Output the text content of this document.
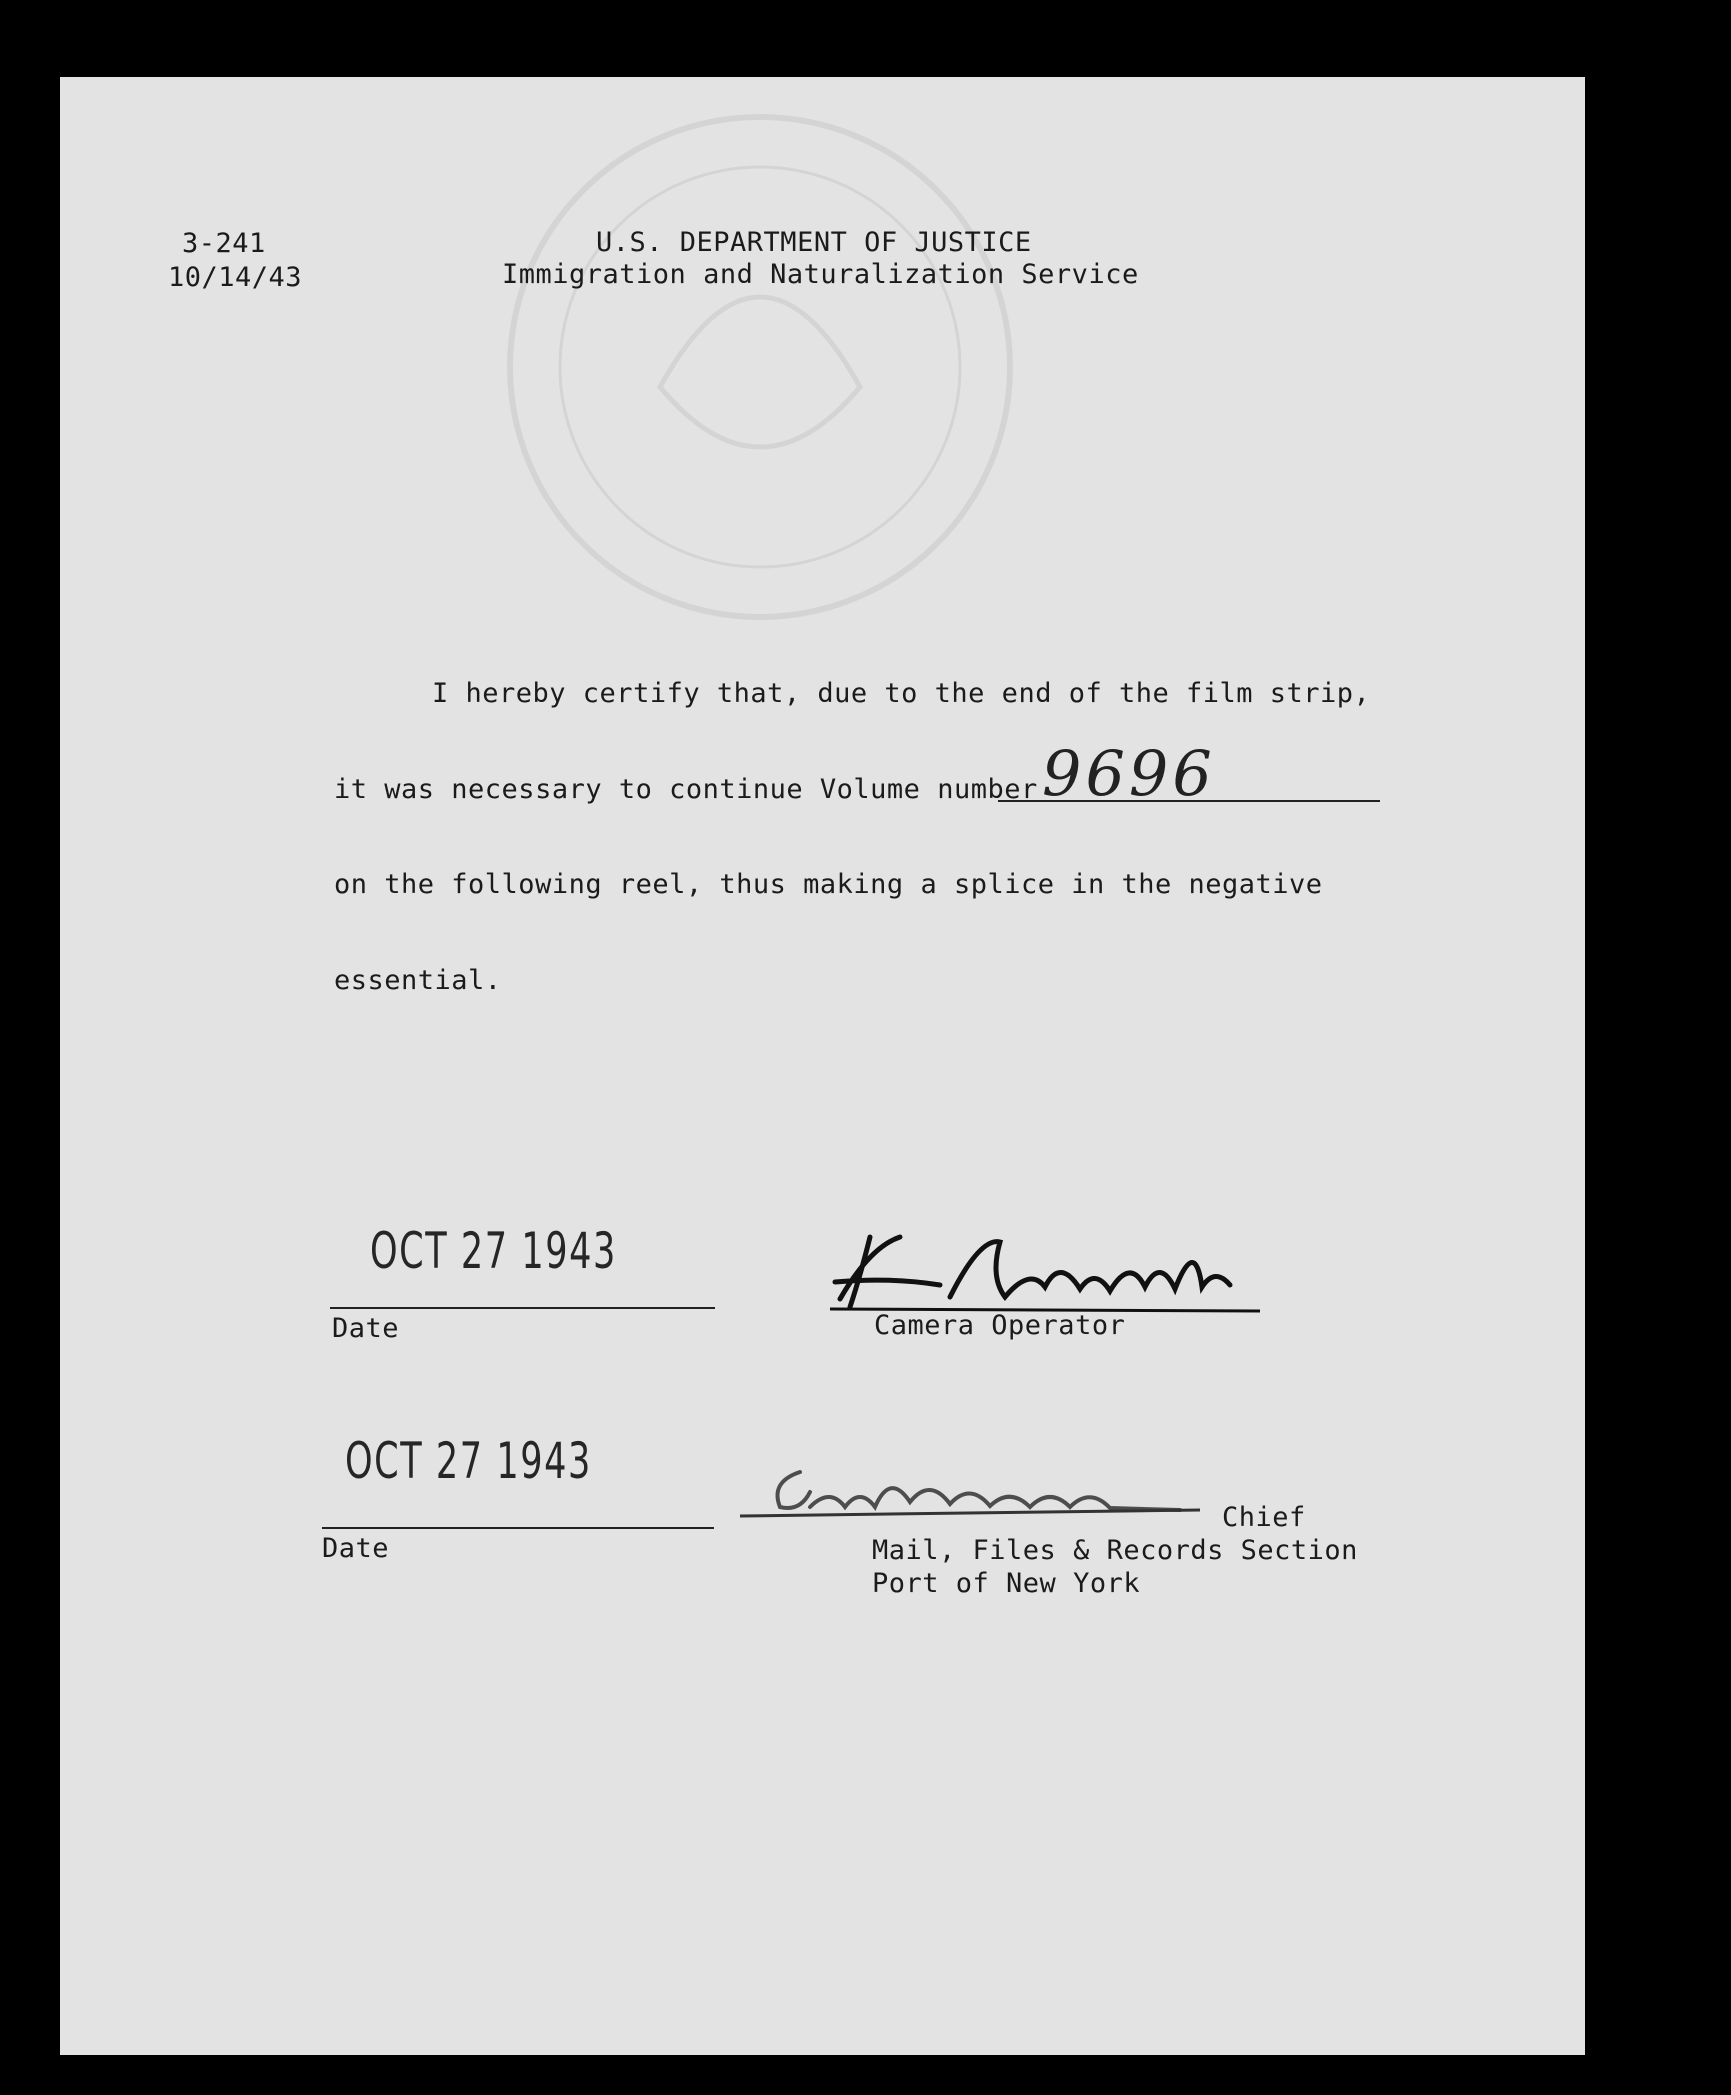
3-241
10/14/43
U.S. DEPARTMENT OF JUSTICE
Immigration and Naturalization Service
I hereby certify that, due to the end of the film strip,
it was necessary to continue Volume number 9696
on the following reel, thus making a splice in the negative
essential.
OCT 27 1943
Date	Camera Operator
OCT 27 1943
Date
Chief
Mail, Files & Records Section
Port of New York
